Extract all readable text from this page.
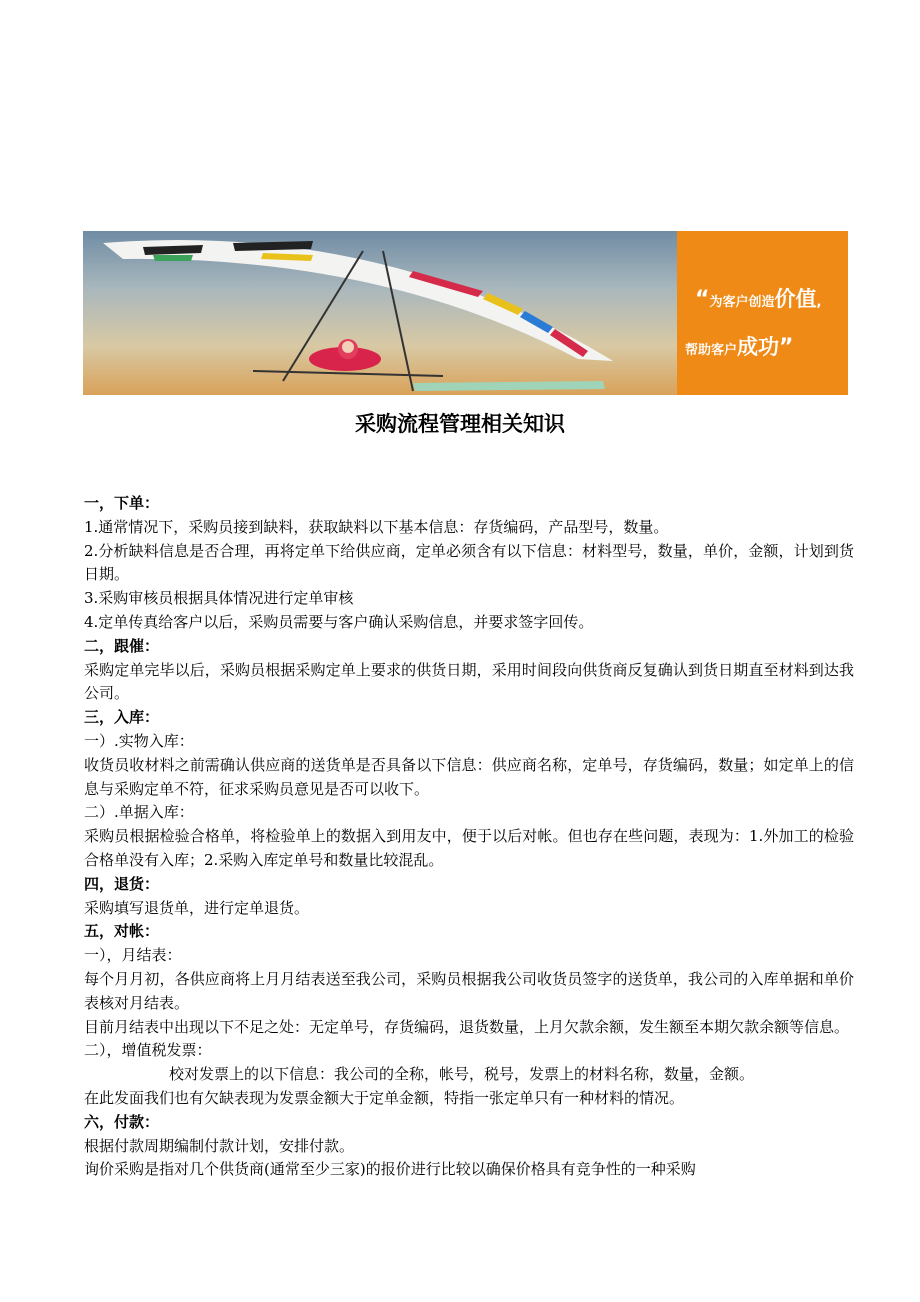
“为客户创造价值,
帮助客户成功”
采购流程管理相关知识

一，下单：

1.通常情况下，采购员接到缺料，获取缺料以下基本信息：存货编码，产品型号，数量。

2.分析缺料信息是否合理，再将定单下给供应商，定单必须含有以下信息：材料型号，数量，单价，金额，计划到货日期。

3.采购审核员根据具体情况进行定单审核

4.定单传真给客户以后，采购员需要与客户确认采购信息，并要求签字回传。

二，跟催：

采购定单完毕以后，采购员根据采购定单上要求的供货日期，采用时间段向供货商反复确认到货日期直至材料到达我公司。

三，入库：

一）.实物入库：

收货员收材料之前需确认供应商的送货单是否具备以下信息：供应商名称，定单号，存货编码，数量；如定单上的信息与采购定单不符，征求采购员意见是否可以收下。

二）.单据入库：

采购员根据检验合格单，将检验单上的数据入到用友中，便于以后对帐。但也存在些问题，表现为：1.外加工的检验合格单没有入库；2.采购入库定单号和数量比较混乱。

四，退货：

采购填写退货单，进行定单退货。

五，对帐：

一），月结表：

每个月月初，各供应商将上月月结表送至我公司，采购员根据我公司收货员签字的送货单，我公司的入库单据和单价表核对月结表。

目前月结表中出现以下不足之处：无定单号，存货编码，退货数量，上月欠款余额，发生额至本期欠款余额等信息。

二），增值税发票：

校对发票上的以下信息：我公司的全称，帐号，税号，发票上的材料名称，数量，金额。

在此发面我们也有欠缺表现为发票金额大于定单金额，特指一张定单只有一种材料的情况。

六，付款：

根据付款周期编制付款计划，安排付款。

询价采购是指对几个供货商(通常至少三家)的报价进行比较以确保价格具有竞争性的一种采购
